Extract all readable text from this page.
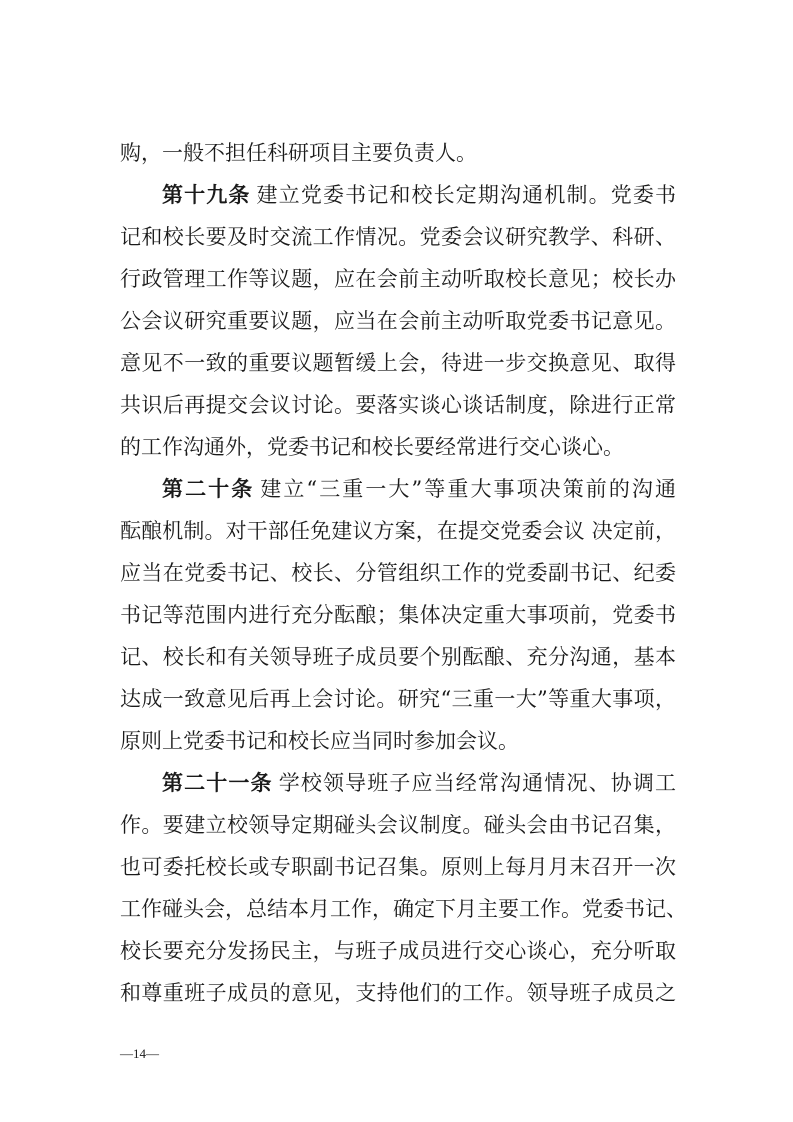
购，一般不担任科研项目主要负责人。
第十九条 建立党委书记和校长定期沟通机制。党委书
记和校长要及时交流工作情况。党委会议研究教学、科研、
行政管理工作等议题，应在会前主动听取校长意见；校长办
公会议研究重要议题，应当在会前主动听取党委书记意见。
意见不一致的重要议题暂缓上会，待进一步交换意见、取得
共识后再提交会议讨论。要落实谈心谈话制度，除进行正常
的工作沟通外，党委书记和校长要经常进行交心谈心。
第二十条 建立“三重一大”等重大事项决策前的沟通
酝酿机制。对干部任免建议方案，在提交党委会议 决定前，
应当在党委书记、校长、分管组织工作的党委副书记、纪委
书记等范围内进行充分酝酿；集体决定重大事项前，党委书
记、校长和有关领导班子成员要个别酝酿、充分沟通，基本
达成一致意见后再上会讨论。研究“三重一大”等重大事项，
原则上党委书记和校长应当同时参加会议。
第二十一条 学校领导班子应当经常沟通情况、协调工
作。要建立校领导定期碰头会议制度。碰头会由书记召集，
也可委托校长或专职副书记召集。原则上每月月末召开一次
工作碰头会，总结本月工作，确定下月主要工作。党委书记、
校长要充分发扬民主，与班子成员进行交心谈心，充分听取
和尊重班子成员的意见，支持他们的工作。领导班子成员之
—14—
